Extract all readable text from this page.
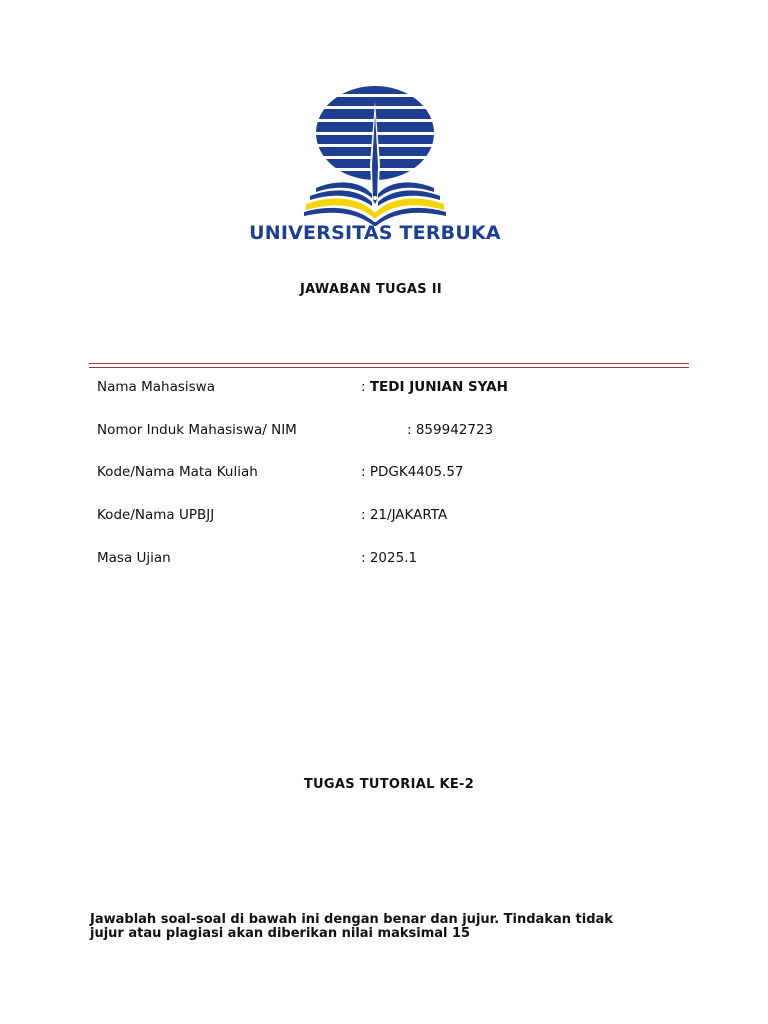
UNIVERSITAS TERBUKA
JAWABAN TUGAS II
Nama Mahasiswa	: TEDI JUNIAN SYAH
Nomor Induk Mahasiswa/ NIM	: 859942723
Kode/Nama Mata Kuliah	: PDGK4405.57
Kode/Nama UPBJJ	: 21/JAKARTA
Masa Ujian	: 2025.1
TUGAS TUTORIAL KE-2
Jawablah soal-soal di bawah ini dengan benar dan jujur. Tindakan tidak
jujur atau plagiasi akan diberikan nilai maksimal 15
